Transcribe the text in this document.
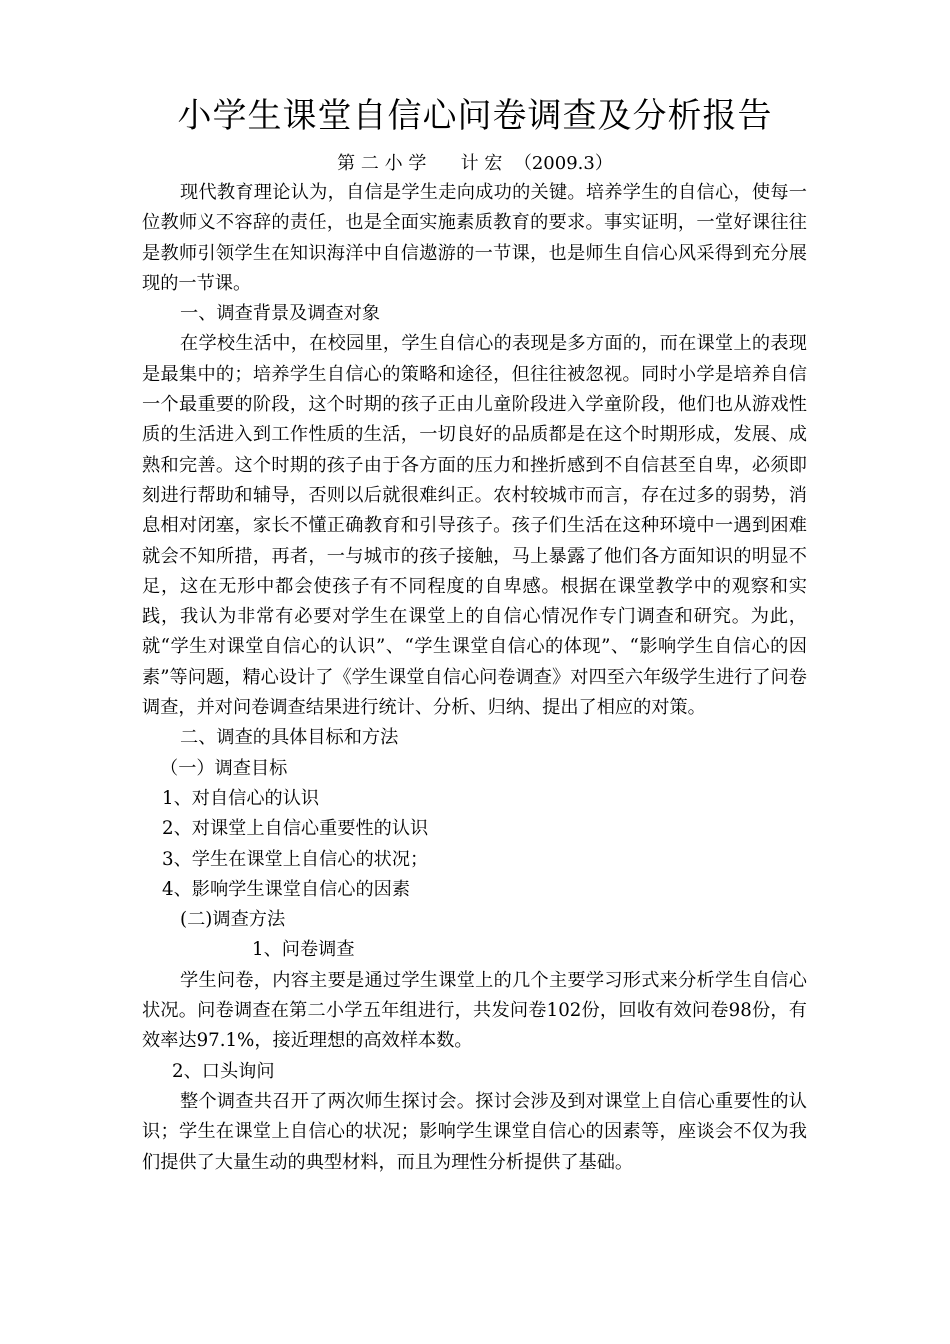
小学生课堂自信心问卷调查及分析报告
第 二 小 学      计 宏  （2009.3）

现代教育理论认为，自信是学生走向成功的关键。培养学生的自信心，使每一位教师义不容辞的责任，也是全面实施素质教育的要求。事实证明，一堂好课往往是教师引领学生在知识海洋中自信遨游的一节课，也是师生自信心风采得到充分展现的一节课。

一、调查背景及调查对象

在学校生活中，在校园里，学生自信心的表现是多方面的，而在课堂上的表现是最集中的；培养学生自信心的策略和途径，但往往被忽视。同时小学是培养自信一个最重要的阶段，这个时期的孩子正由儿童阶段进入学童阶段，他们也从游戏性质的生活进入到工作性质的生活，一切良好的品质都是在这个时期形成，发展、成熟和完善。这个时期的孩子由于各方面的压力和挫折感到不自信甚至自卑，必须即刻进行帮助和辅导，否则以后就很难纠正。农村较城市而言，存在过多的弱势，消息相对闭塞，家长不懂正确教育和引导孩子。孩子们生活在这种环境中一遇到困难就会不知所措，再者，一与城市的孩子接触，马上暴露了他们各方面知识的明显不足，这在无形中都会使孩子有不同程度的自卑感。根据在课堂教学中的观察和实践，我认为非常有必要对学生在课堂上的自信心情况作专门调查和研究。为此，就“学生对课堂自信心的认识”、“学生课堂自信心的体现”、“影响学生自信心的因素”等问题，精心设计了《学生课堂自信心问卷调查》对四至六年级学生进行了问卷调查，并对问卷调查结果进行统计、分析、归纳、提出了相应的对策。

二、调查的具体目标和方法

（一）调查目标

1、对自信心的认识

2、对课堂上自信心重要性的认识

3、学生在课堂上自信心的状况；

4、影响学生课堂自信心的因素

(二)调查方法

1、问卷调查

学生问卷，内容主要是通过学生课堂上的几个主要学习形式来分析学生自信心状况。问卷调查在第二小学五年组进行，共发问卷102份，回收有效问卷98份，有效率达97.1%，接近理想的高效样本数。

2、口头询问

整个调查共召开了两次师生探讨会。探讨会涉及到对课堂上自信心重要性的认识；学生在课堂上自信心的状况；影响学生课堂自信心的因素等，座谈会不仅为我们提供了大量生动的典型材料，而且为理性分析提供了基础。
